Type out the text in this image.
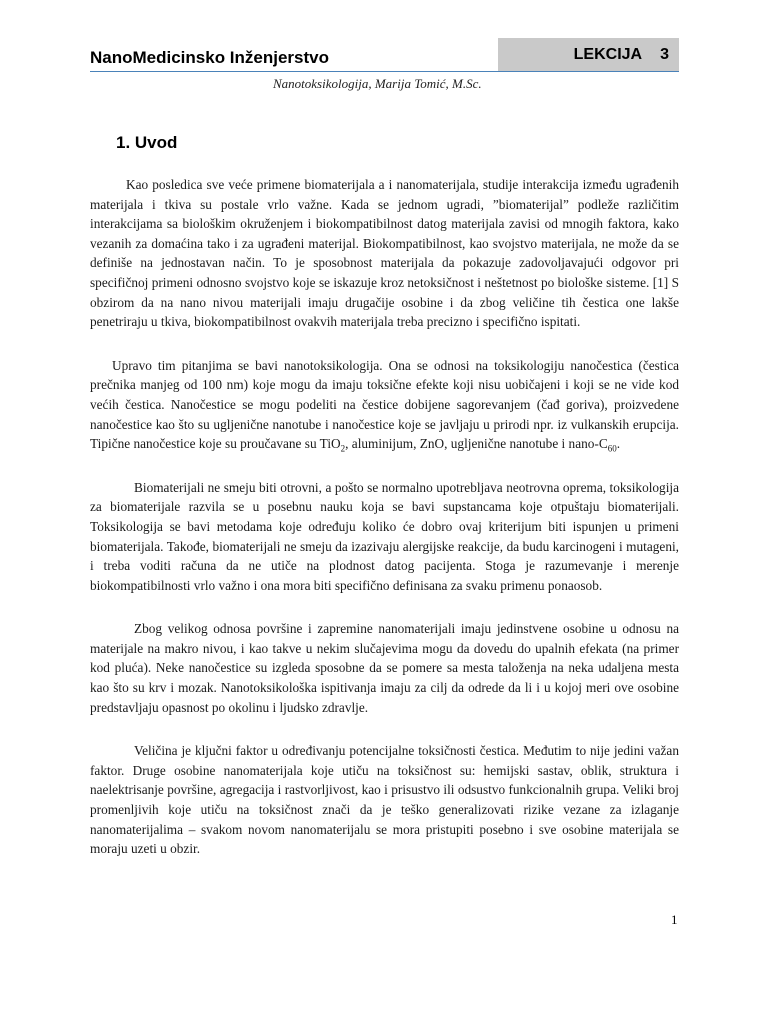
NanoMedicinsko Inženjerstvo	LEKCIJA 3
Nanotoksikologija, Marija Tomić, M.Sc.
1. Uvod

Kao posledica sve veće primene biomaterijala a i nanomaterijala, studije interakcija između ugrađenih materijala i tkiva su postale vrlo važne. Kada se jednom ugradi, ”biomaterijal” podleže različitim interakcijama sa biološkim okruženjem i biokompatibilnost datog materijala zavisi od mnogih faktora, kako vezanih za domaćina tako i za ugrađeni materijal. Biokompatibilnost, kao svojstvo materijala, ne može da se definiše na jednostavan način. To je sposobnost materijala da pokazuje zadovoljavajući odgovor pri specifičnoj primeni odnosno svojstvo koje se iskazuje kroz netoksičnost i neštetnost po biološke sisteme. [1] S obzirom da na nano nivou materijali imaju drugačije osobine i da zbog veličine tih čestica one lakše penetriraju u tkiva, biokompatibilnost ovakvih materijala treba precizno i specifično ispitati.

Upravo tim pitanjima se bavi nanotoksikologija. Ona se odnosi na toksikologiju nanočestica (čestica prečnika manjeg od 100 nm) koje mogu da imaju toksične efekte koji nisu uobičajeni i koji se ne vide kod većih čestica. Nanočestice se mogu podeliti na čestice dobijene sagorevanjem (čađ goriva), proizvedene nanočestice kao što su ugljenične nanotube i nanočestice koje se javljaju u prirodi npr. iz vulkanskih erupcija. Tipične nanočestice koje su proučavane su TiO$_2$, aluminijum, ZnO, ugljenične nanotube i nano-$C_{60}$.

Biomaterijali ne smeju biti otrovni, a pošto se normalno upotrebljava neotrovna oprema, toksikologija za biomaterijale razvila se u posebnu nauku koja se bavi supstancama koje otpuštaju biomaterijali. Toksikologija se bavi metodama koje određuju koliko će dobro ovaj kriterijum biti ispunjen u primeni biomaterijala. Takođe, biomaterijali ne smeju da izazivaju alergijske reakcije, da budu karcinogeni i mutageni, i treba voditi računa da ne utiče na plodnost datog pacijenta. Stoga je razumevanje i merenje biokompatibilnosti vrlo važno i ona mora biti specifično definisana za svaku primenu ponaosob.

Zbog velikog odnosa površine i zapremine nanomaterijali imaju jedinstvene osobine u odnosu na materijale na makro nivou, i kao takve u nekim slučajevima mogu da dovedu do upalnih efekata (na primer kod pluća). Neke nanočestice su izgleda sposobne da se pomere sa mesta taloženja na neka udaljena mesta kao što su krv i mozak. Nanotoksikološka ispitivanja imaju za cilj da odrede da li i u kojoj meri ove osobine predstavljaju opasnost po okolinu i ljudsko zdravlje.

Veličina je ključni faktor u određivanju potencijalne toksičnosti čestica. Međutim to nije jedini važan faktor. Druge osobine nanomaterijala koje utiču na toksičnost su: hemijski sastav, oblik, struktura i naelektrisanje površine, agregacija i rastvorljivost, kao i prisustvo ili odsustvo funkcionalnih grupa. Veliki broj promenljivih koje utiču na toksičnost znači da je teško generalizovati rizike vezane za izlaganje nanomaterijalima – svakom novom nanomaterijalu se mora pristupiti posebno i sve osobine materijala se moraju uzeti u obzir.

1
